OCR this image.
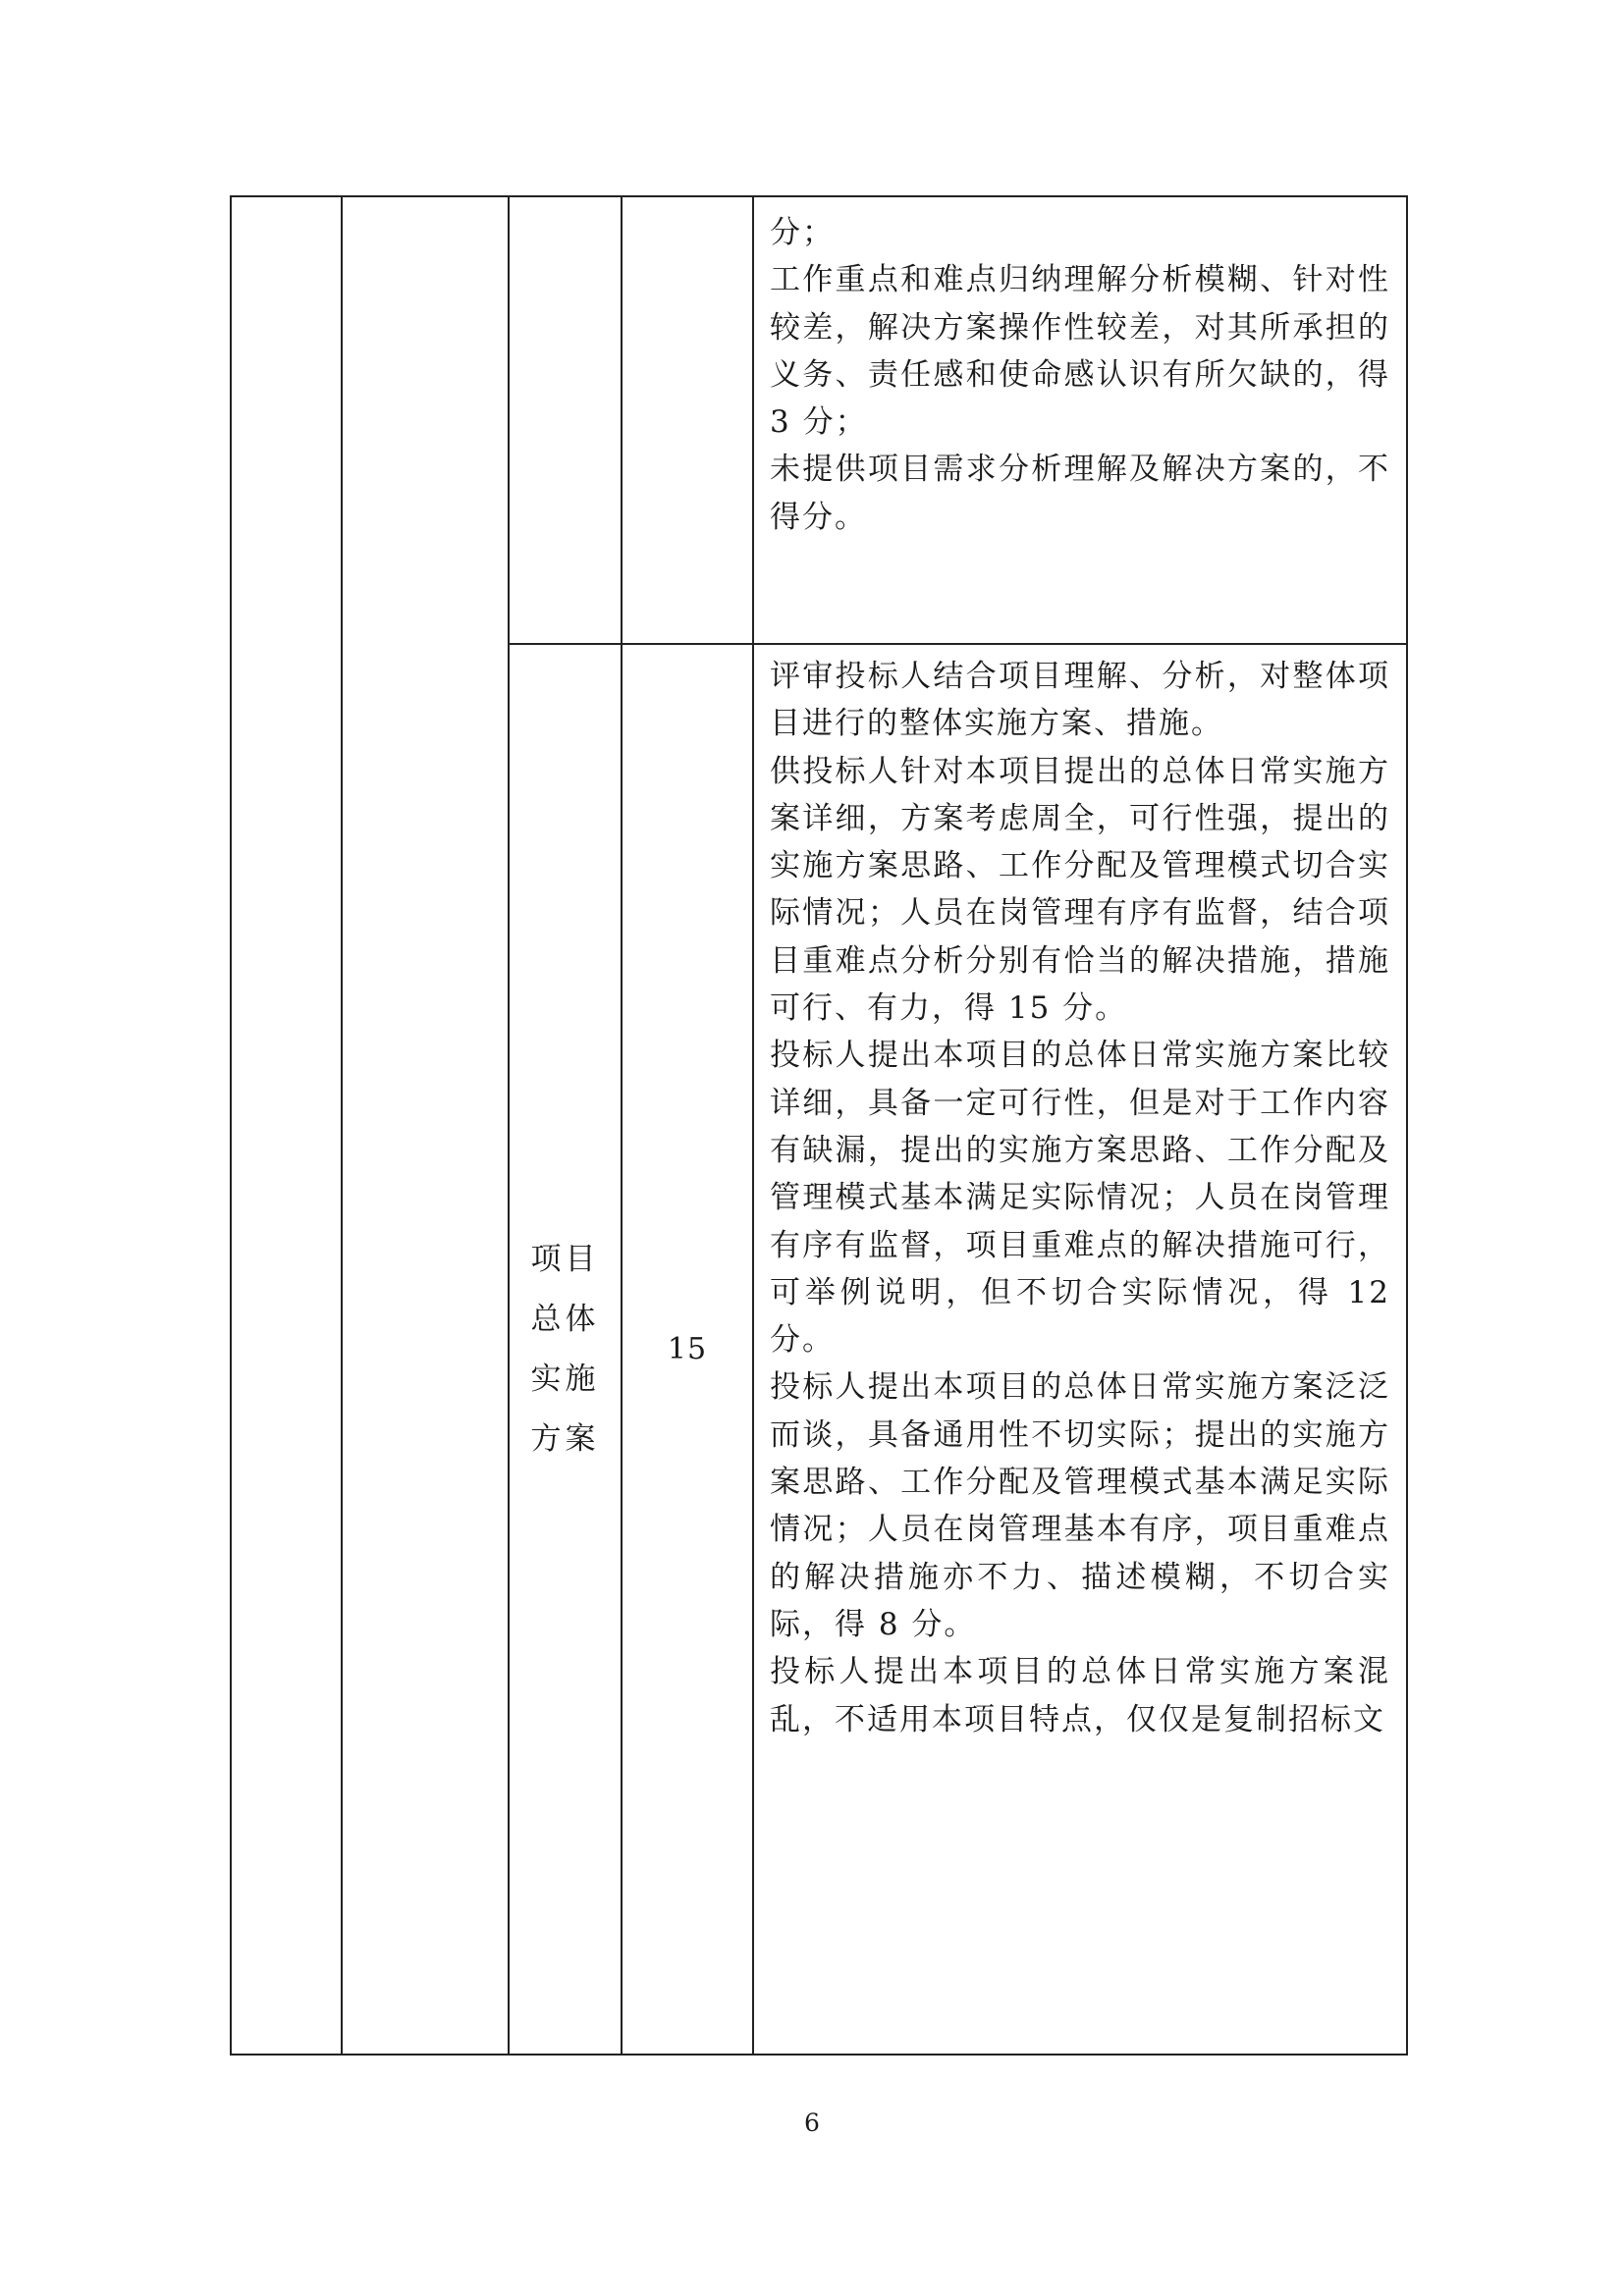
				分；

工作重点和难点归纳理解分析模糊、针对性较差，解决方案操作性较差，对其所承担的义务、责任感和使命感认识有所欠缺的，得 3 分；

未提供项目需求分析理解及解决方案的，不得分。

		项目总体实施方案	15	评审投标人结合项目理解、分析，对整体项目进行的整体实施方案、措施。

供投标人针对本项目提出的总体日常实施方案详细，方案考虑周全，可行性强，提出的实施方案思路、工作分配及管理模式切合实际情况；人员在岗管理有序有监督，结合项目重难点分析分别有恰当的解决措施，措施可行、有力，得 15 分。

投标人提出本项目的总体日常实施方案比较详细，具备一定可行性，但是对于工作内容有缺漏，提出的实施方案思路、工作分配及管理模式基本满足实际情况；人员在岗管理有序有监督，项目重难点的解决措施可行，可举例说明，但不切合实际情况，得 12 分。

投标人提出本项目的总体日常实施方案泛泛而谈，具备通用性不切实际；提出的实施方案思路、工作分配及管理模式基本满足实际情况；人员在岗管理基本有序，项目重难点的解决措施亦不力、描述模糊，不切合实际，得 8 分。

投标人提出本项目的总体日常实施方案混乱，不适用本项目特点，仅仅是复制招标文

6
